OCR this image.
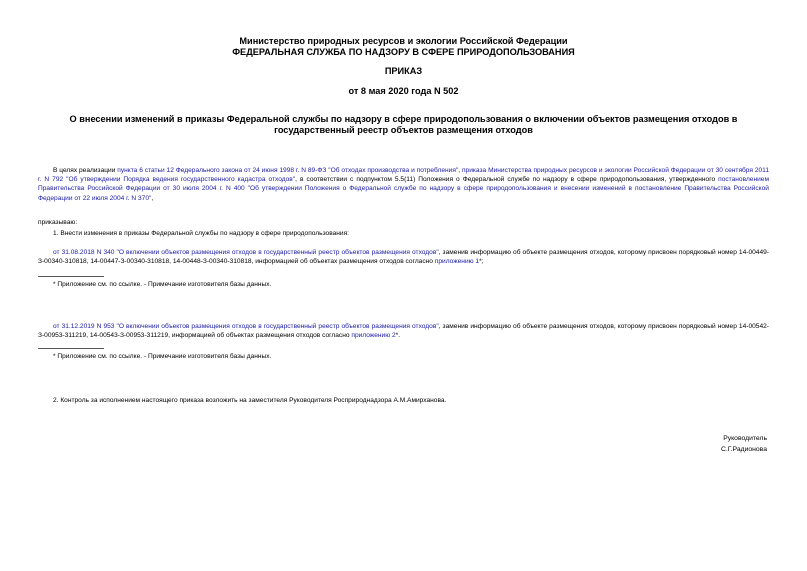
Министерство природных ресурсов и экологии Российской Федерации
ФЕДЕРАЛЬНАЯ СЛУЖБА ПО НАДЗОРУ В СФЕРЕ ПРИРОДОПОЛЬЗОВАНИЯ
ПРИКАЗ
от 8 мая 2020 года N 502
О внесении изменений в приказы Федеральной службы по надзору в сфере природопользования о включении объектов размещения отходов в государственный реестр объектов размещения отходов
В целях реализации пункта 6 статьи 12 Федерального закона от 24 июня 1998 г. N 89-ФЗ "Об отходах производства и потребления", приказа Министерства природных ресурсов и экологии Российской Федерации от 30 сентября 2011 г. N 792 "Об утверждении Порядка ведения государственного кадастра отходов", в соответствии с подпунктом 5.5(11) Положения о Федеральной службе по надзору в сфере природопользования, утвержденного постановлением Правительства Российской Федерации от 30 июля 2004 г. N 400 "Об утверждении Положения о Федеральной службе по надзору в сфере природопользования и внесении изменений в постановление Правительства Российской Федерации от 22 июля 2004 г. N 370",
приказываю:
1. Внести изменения в приказы Федеральной службы по надзору в сфере природопользования:
от 31.08.2018 N 340 "О включении объектов размещения отходов в государственный реестр объектов размещения отходов", заменив информацию об объекте размещения отходов, которому присвоен порядковый номер 14-00449-З-00340-310818, 14-00447-З-00340-310818, 14-00448-З-00340-310818, информацией об объектах размещения отходов согласно приложению 1*;
* Приложение см. по ссылке. - Примечание изготовителя базы данных.
от 31.12.2019 N 953 "О включении объектов размещения отходов в государственный реестр объектов размещения отходов", заменив информацию об объекте размещения отходов, которому присвоен порядковый номер 14-00542-З-00953-311219, 14-00543-З-00953-311219, информацией об объектах размещения отходов согласно приложению 2*.
* Приложение см. по ссылке. - Примечание изготовителя базы данных.
2. Контроль за исполнением настоящего приказа возложить на заместителя Руководителя Росприроднадзора А.М.Амирханова.
Руководитель
С.Г.Радионова
